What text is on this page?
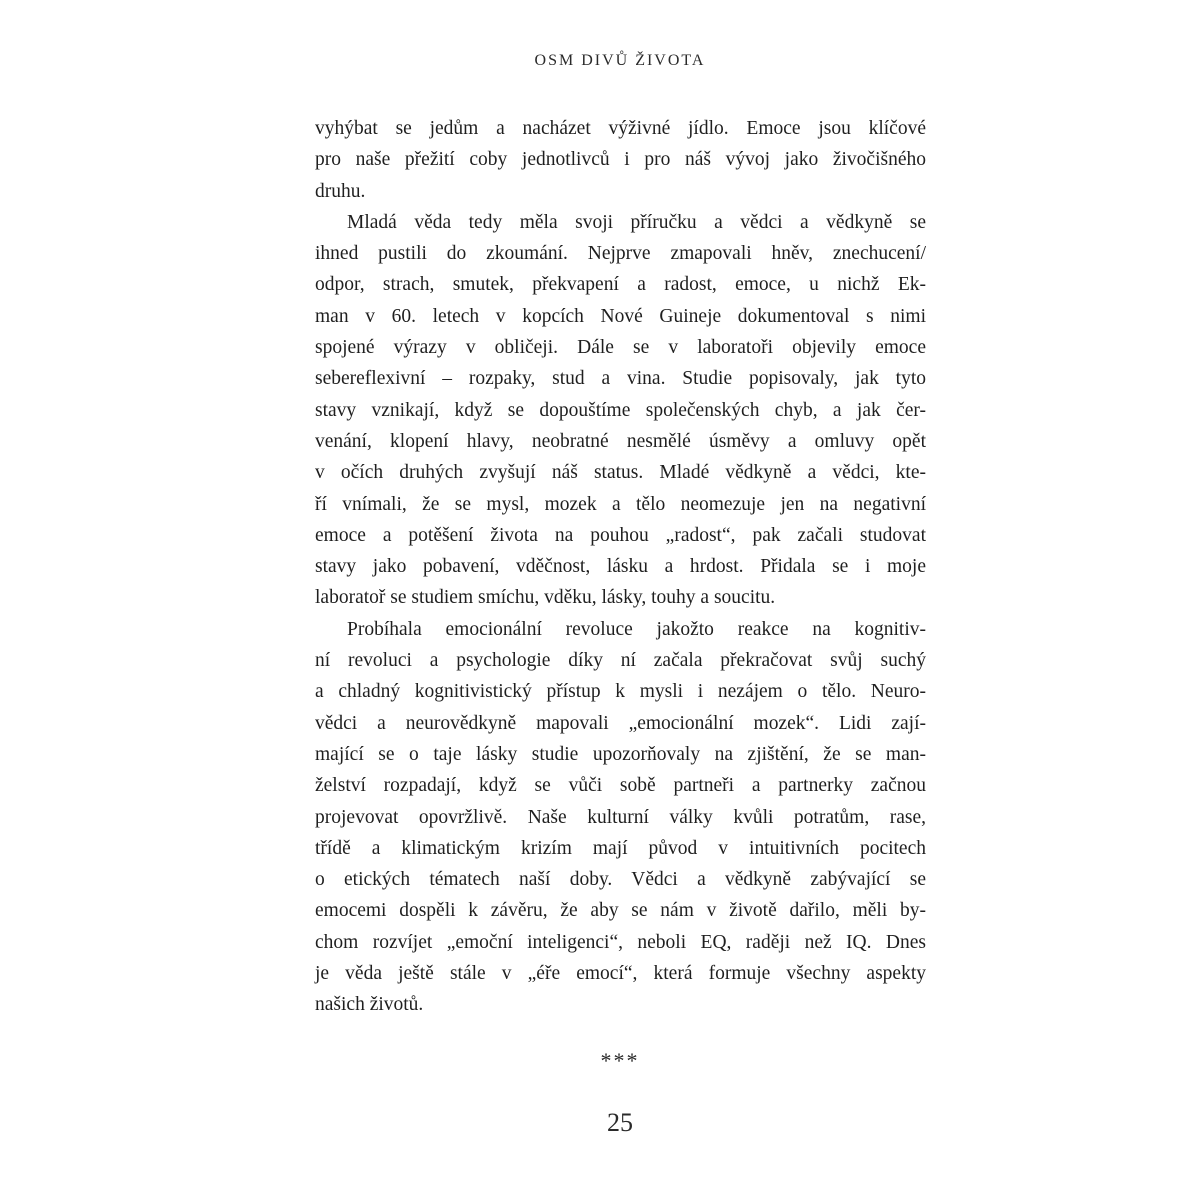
OSM DIVŮ ŽIVOTA
vyhýbat se jedům a nacházet výživné jídlo. Emoce jsou klíčové
pro naše přežití coby jednotlivců i pro náš vývoj jako živočišného
druhu.
Mladá věda tedy měla svoji příručku a vědci a vědkyně se
ihned pustili do zkoumání. Nejprve zmapovali hněv, znechucení/
odpor, strach, smutek, překvapení a radost, emoce, u nichž Ek-
man v 60. letech v kopcích Nové Guineje dokumentoval s nimi
spojené výrazy v obličeji. Dále se v laboratoři objevily emoce
sebereflexivní – rozpaky, stud a vina. Studie popisovaly, jak tyto
stavy vznikají, když se dopouštíme společenských chyb, a jak čer-
venání, klopení hlavy, neobratné nesmělé úsměvy a omluvy opět
v očích druhých zvyšují náš status. Mladé vědkyně a vědci, kte-
ří vnímali, že se mysl, mozek a tělo neomezuje jen na negativní
emoce a potěšení života na pouhou „radost“, pak začali studovat
stavy jako pobavení, vděčnost, lásku a hrdost. Přidala se i moje
laboratoř se studiem smíchu, vděku, lásky, touhy a soucitu.
Probíhala emocionální revoluce jakožto reakce na kognitiv-
ní revoluci a psychologie díky ní začala překračovat svůj suchý
a chladný kognitivistický přístup k mysli i nezájem o tělo. Neuro-
vědci a neurovědkyně mapovali „emocionální mozek“. Lidi zají-
mající se o taje lásky studie upozorňovaly na zjištění, že se man-
želství rozpadají, když se vůči sobě partneři a partnerky začnou
projevovat opovržlivě. Naše kulturní války kvůli potratům, rase,
třídě a klimatickým krizím mají původ v intuitivních pocitech
o etických tématech naší doby. Vědci a vědkyně zabývající se
emocemi dospěli k závěru, že aby se nám v životě dařilo, měli by-
chom rozvíjet „emoční inteligenci“, neboli EQ, raději než IQ. Dnes
je věda ještě stále v „éře emocí“, která formuje všechny aspekty
našich životů.
***
25
